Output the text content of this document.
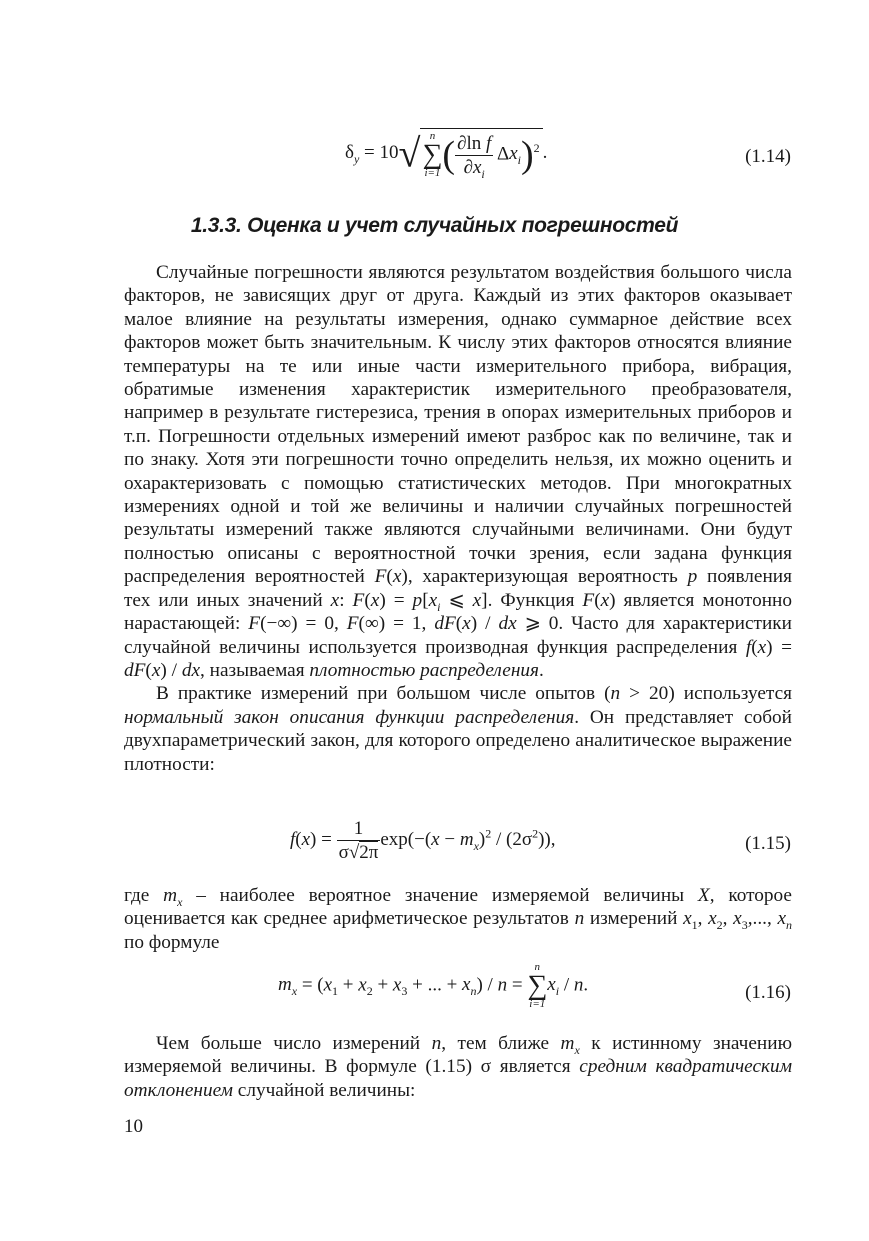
$\delta_y = 10√$ n
∑
i=1 ( $\frac{\text{∂ln f}}{\partial x_i} \Delta x_i)^2$ .	(1.14)
1.3.3. Оценка и учет случайных погрешностей

Случайные погрешности являются результатом воздействия большого числа факторов, не зависящих друг от друга. Каждый из этих факторов оказывает малое влияние на результаты измерения, однако суммарное действие всех факторов может быть значительным. К числу этих факторов относятся влияние температуры на те или иные части измерительного прибора, вибрация, обратимые изменения характеристик измерительного преобразователя, например в результате гистерезиса, трения в опорах измерительных приборов и т.п. Погрешности отдельных измерений имеют разброс как по величине, так и по знаку. Хотя эти погрешности точно определить нельзя, их можно оценить и охарактеризовать с помощью статистических методов. При многократных измерениях одной и той же величины и наличии случайных погрешностей результаты измерений также являются случайными величинами. Они будут полностью описаны с вероятностной точки зрения, если задана функция распределения вероятностей F(x), характеризующая вероятность p появления тех или иных значений x: $F(x) = p[x_i$ ⩽ x]. Функция F(x) является монотонно нарастающей: F(−∞) = 0, F(∞) = 1, dF(x) / dx ⩾ 0. Часто для характеристики случайной величины используется производная функция распределения f(x) = dF(x) / dx, называемая плотностью распределения.

В практике измерений при большом числе опытов (n > 20) используется нормальный закон описания функции распределения. Он представляет собой двухпараметрический закон, для которого определено аналитическое выражение плотности:

$f(x) = \frac{1}{\sigma√2\pi} \exp(-(x - m_x)^2 / (2\sigma^2))$,	(1.15)

где $m_x$ – наиболее вероятное значение измеряемой величины X, которое оценивается как среднее арифметическое результатов n измерений $x_1$, $x_2$, $x_3$,..., $x_n$ по формуле

$m_x = (x_1 + x_2 + x_3$ + ... + $x_n$) / n =
n
∑
i=1
$x_i$ / n.	(1.16)

Чем больше число измерений n, тем ближе $m_x$ к истинному значению измеряемой величины. В формуле (1.15) σ является средним квадратическим отклонением случайной величины:

10
